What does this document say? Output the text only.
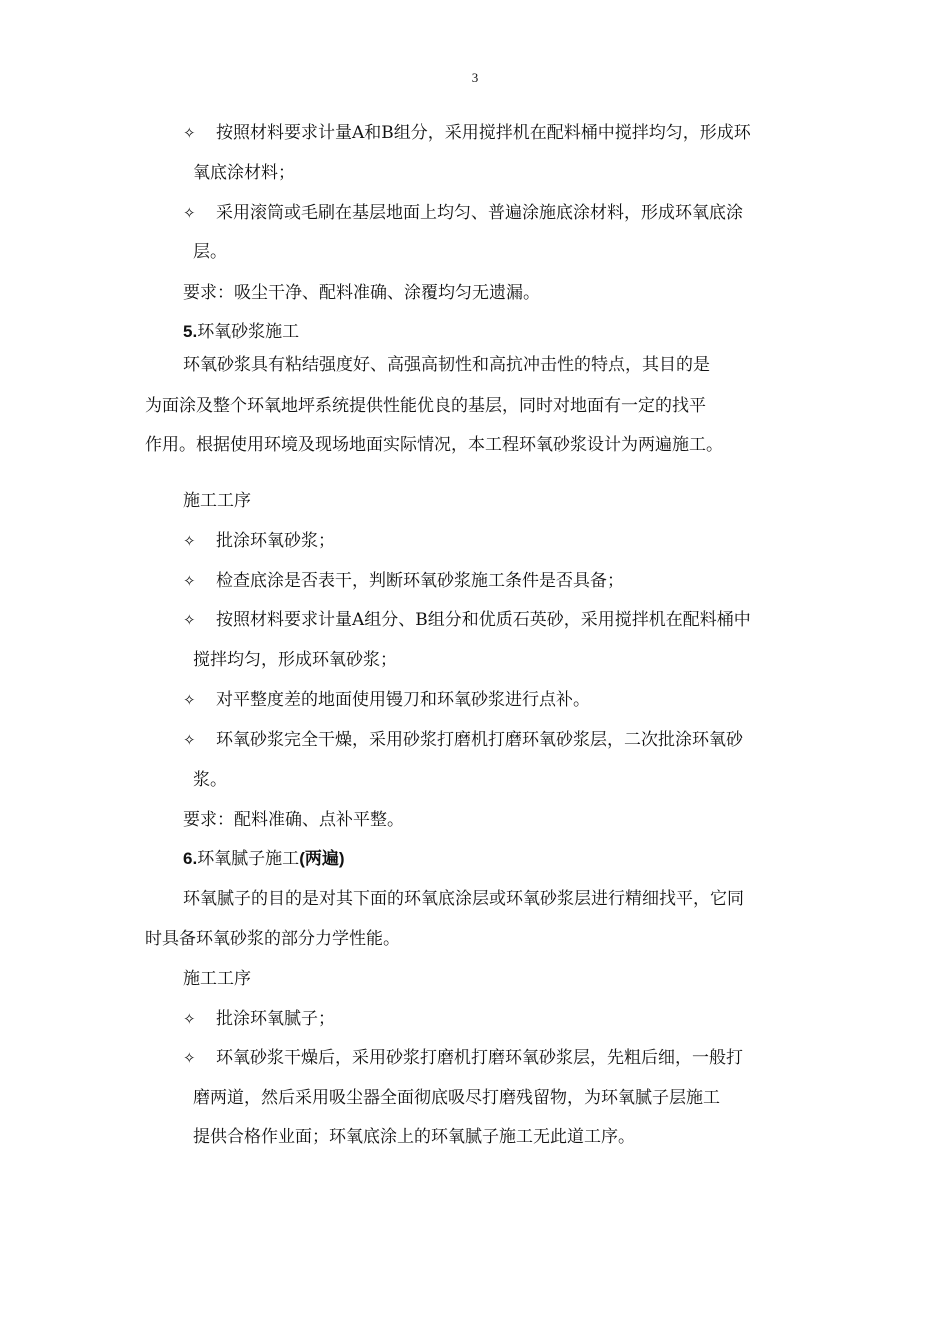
3
✧ 按照材料要求计量A和B组分，采用搅拌机在配料桶中搅拌均匀，形成环
氧底涂材料；
✧ 采用滚筒或毛刷在基层地面上均匀、普遍涂施底涂材料，形成环氧底涂
层。
要求：吸尘干净、配料准确、涂覆均匀无遗漏。
5.环氧砂浆施工
环氧砂浆具有粘结强度好、高强高韧性和高抗冲击性的特点，其目的是
为面涂及整个环氧地坪系统提供性能优良的基层，同时对地面有一定的找平
作用。根据使用环境及现场地面实际情况，本工程环氧砂浆设计为两遍施工。
施工工序
✧ 批涂环氧砂浆；
✧ 检查底涂是否表干，判断环氧砂浆施工条件是否具备；
✧ 按照材料要求计量A组分、B组分和优质石英砂，采用搅拌机在配料桶中
搅拌均匀，形成环氧砂浆；
✧ 对平整度差的地面使用镘刀和环氧砂浆进行点补。
✧ 环氧砂浆完全干燥，采用砂浆打磨机打磨环氧砂浆层，二次批涂环氧砂
浆。
要求：配料准确、点补平整。
6.环氧腻子施工(两遍)
环氧腻子的目的是对其下面的环氧底涂层或环氧砂浆层进行精细找平，它同
时具备环氧砂浆的部分力学性能。
施工工序
✧ 批涂环氧腻子；
✧ 环氧砂浆干燥后，采用砂浆打磨机打磨环氧砂浆层，先粗后细，一般打
磨两道，然后采用吸尘器全面彻底吸尽打磨残留物，为环氧腻子层施工
提供合格作业面；环氧底涂上的环氧腻子施工无此道工序。
